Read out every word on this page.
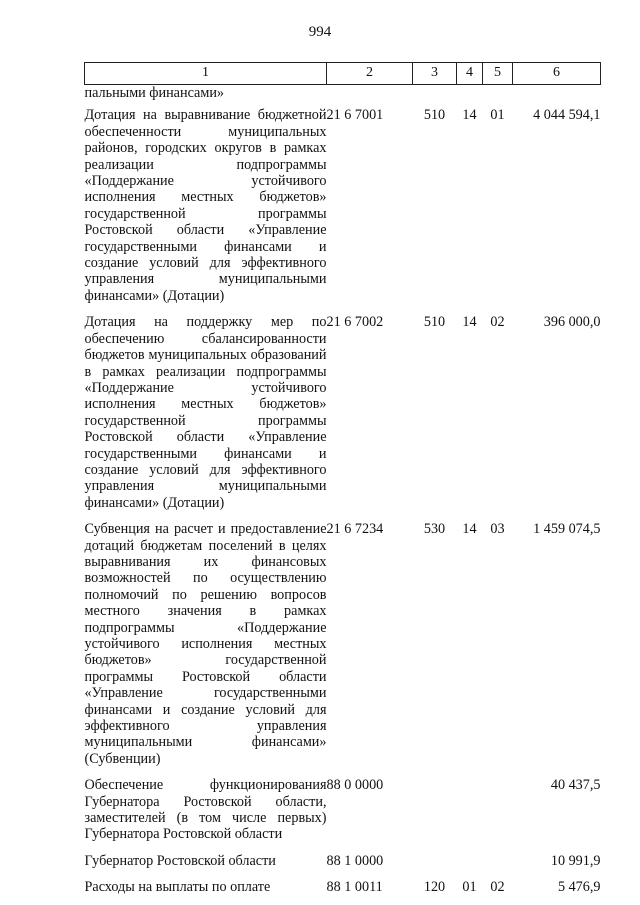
994
1	2	3	4	5	6
пальными финансами»					
Дотация на выравнивание бюджетной обеспеченности муниципальных районов, городских округов в рамках реализации подпрограммы «Поддержание устойчивого исполнения местных бюджетов» государственной программы Ростовской области «Управление государственными финансами и создание условий для эффективного управления муниципальными финансами» (Дотации)	21 6 7001	510	14	01	4 044 594,1
Дотация на поддержку мер по обеспечению сбалансированности бюджетов муниципальных образований в рамках реализации подпрограммы «Поддержание устойчивого исполнения местных бюджетов» государственной программы Ростовской области «Управление государственными финансами и создание условий для эффективного управления муниципальными финансами» (Дотации)	21 6 7002	510	14	02	396 000,0
Субвенция на расчет и предоставление дотаций бюджетам поселений в целях выравнивания их финансовых возможностей по осуществлению полномочий по решению вопросов местного значения в рамках подпрограммы «Поддержание устойчивого исполнения местных бюджетов» государственной программы Ростовской области «Управление государственными финансами и создание условий для эффективного управления муниципальными финансами» (Субвенции)	21 6 7234	530	14	03	1 459 074,5
Обеспечение функционирования Губернатора Ростовской области, заместителей (в том числе первых) Губернатора Ростовской области	88 0 0000				40 437,5
Губернатор Ростовской области	88 1 0000				10 991,9
Расходы на выплаты по оплате	88 1 0011	120	01	02	5 476,9
